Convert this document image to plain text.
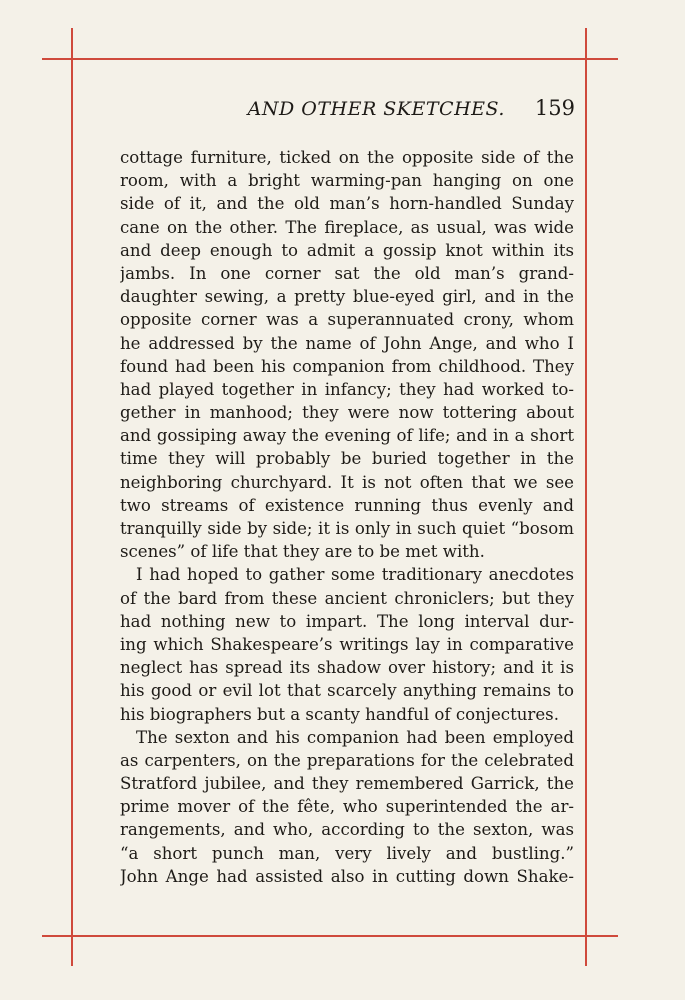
AND OTHER SKETCHES. 159
cottage furniture, ticked on the opposite side of the
room, with a bright warming-pan hanging on one
side of it, and the old man’s horn-handled Sunday
cane on the other. The fireplace, as usual, was wide
and deep enough to admit a gossip knot within its
jambs. In one corner sat the old man’s grand-
daughter sewing, a pretty blue-eyed girl, and in the
opposite corner was a superannuated crony, whom
he addressed by the name of John Ange, and who I
found had been his companion from childhood. They
had played together in infancy; they had worked to-
gether in manhood; they were now tottering about
and gossiping away the evening of life; and in a short
time they will probably be buried together in the
neighboring churchyard. It is not often that we see
two streams of existence running thus evenly and
tranquilly side by side; it is only in such quiet “bosom
scenes” of life that they are to be met with.
I had hoped to gather some traditionary anecdotes
of the bard from these ancient chroniclers; but they
had nothing new to impart. The long interval dur-
ing which Shakespeare’s writings lay in comparative
neglect has spread its shadow over history; and it is
his good or evil lot that scarcely anything remains to
his biographers but a scanty handful of conjectures.
The sexton and his companion had been employed
as carpenters, on the preparations for the celebrated
Stratford jubilee, and they remembered Garrick, the
prime mover of the fête, who superintended the ar-
rangements, and who, according to the sexton, was
“a short punch man, very lively and bustling.”
John Ange had assisted also in cutting down Shake-
